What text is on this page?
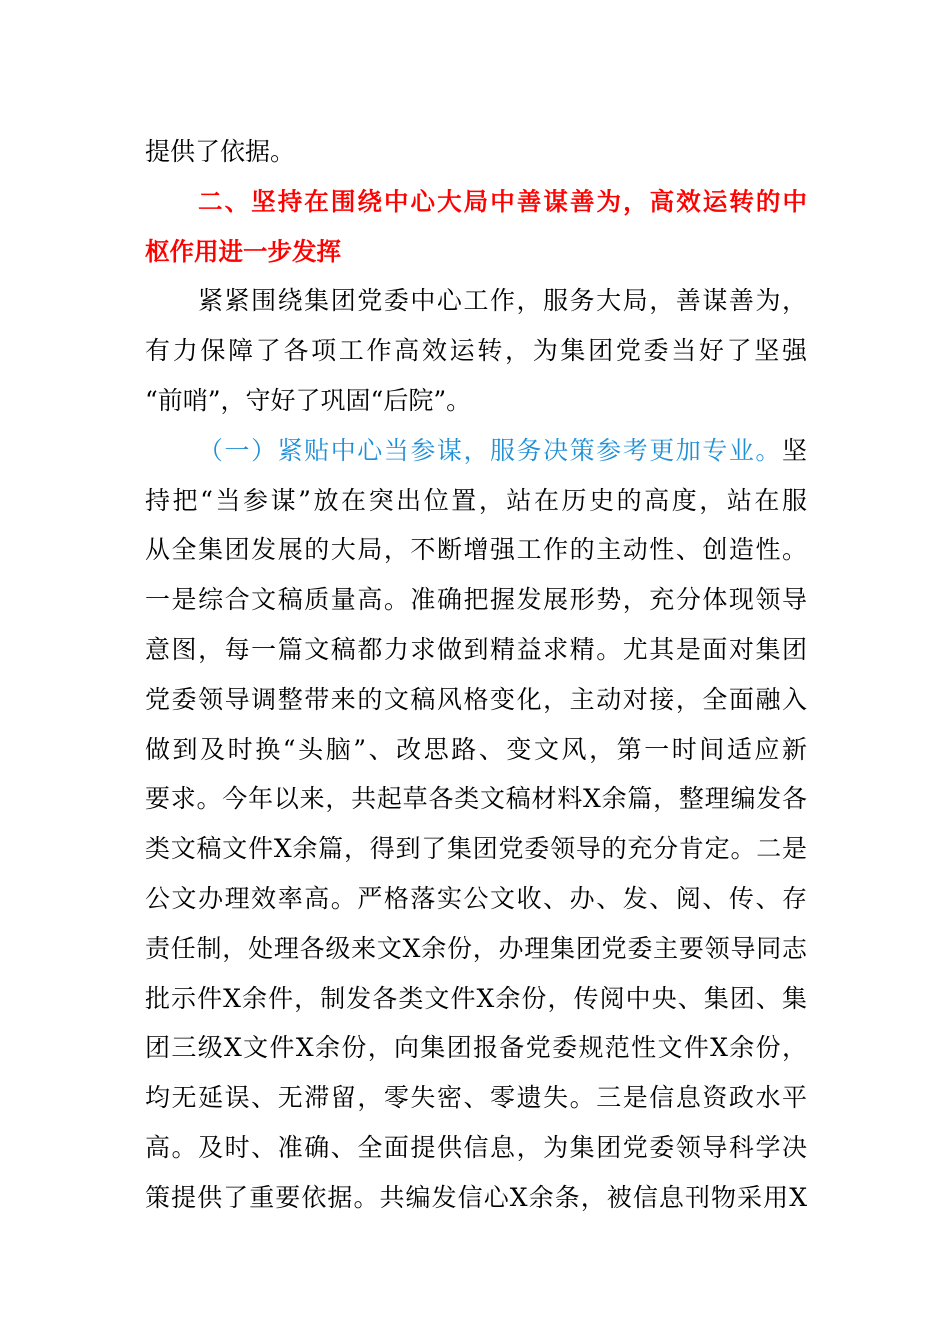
提供了依据。
二、坚持在围绕中心大局中善谋善为，高效运转的中
枢作用进一步发挥
紧紧围绕集团党委中心工作，服务大局，善谋善为，
有力保障了各项工作高效运转，为集团党委当好了坚强
“前哨”，守好了巩固“后院”。
（一）紧贴中心当参谋，服务决策参考更加专业。坚
持把“当参谋”放在突出位置，站在历史的高度，站在服
从全集团发展的大局，不断增强工作的主动性、创造性。
一是综合文稿质量高。准确把握发展形势，充分体现领导
意图，每一篇文稿都力求做到精益求精。尤其是面对集团
党委领导调整带来的文稿风格变化，主动对接，全面融入
做到及时换“头脑”、改思路、变文风，第一时间适应新
要求。今年以来，共起草各类文稿材料X余篇，整理编发各
类文稿文件X余篇，得到了集团党委领导的充分肯定。二是
公文办理效率高。严格落实公文收、办、发、阅、传、存
责任制，处理各级来文X余份，办理集团党委主要领导同志
批示件X余件，制发各类文件X余份，传阅中央、集团、集
团三级X文件X余份，向集团报备党委规范性文件X余份，
均无延误、无滞留，零失密、零遗失。三是信息资政水平
高。及时、准确、全面提供信息，为集团党委领导科学决
策提供了重要依据。共编发信心X余条，被信息刊物采用X
